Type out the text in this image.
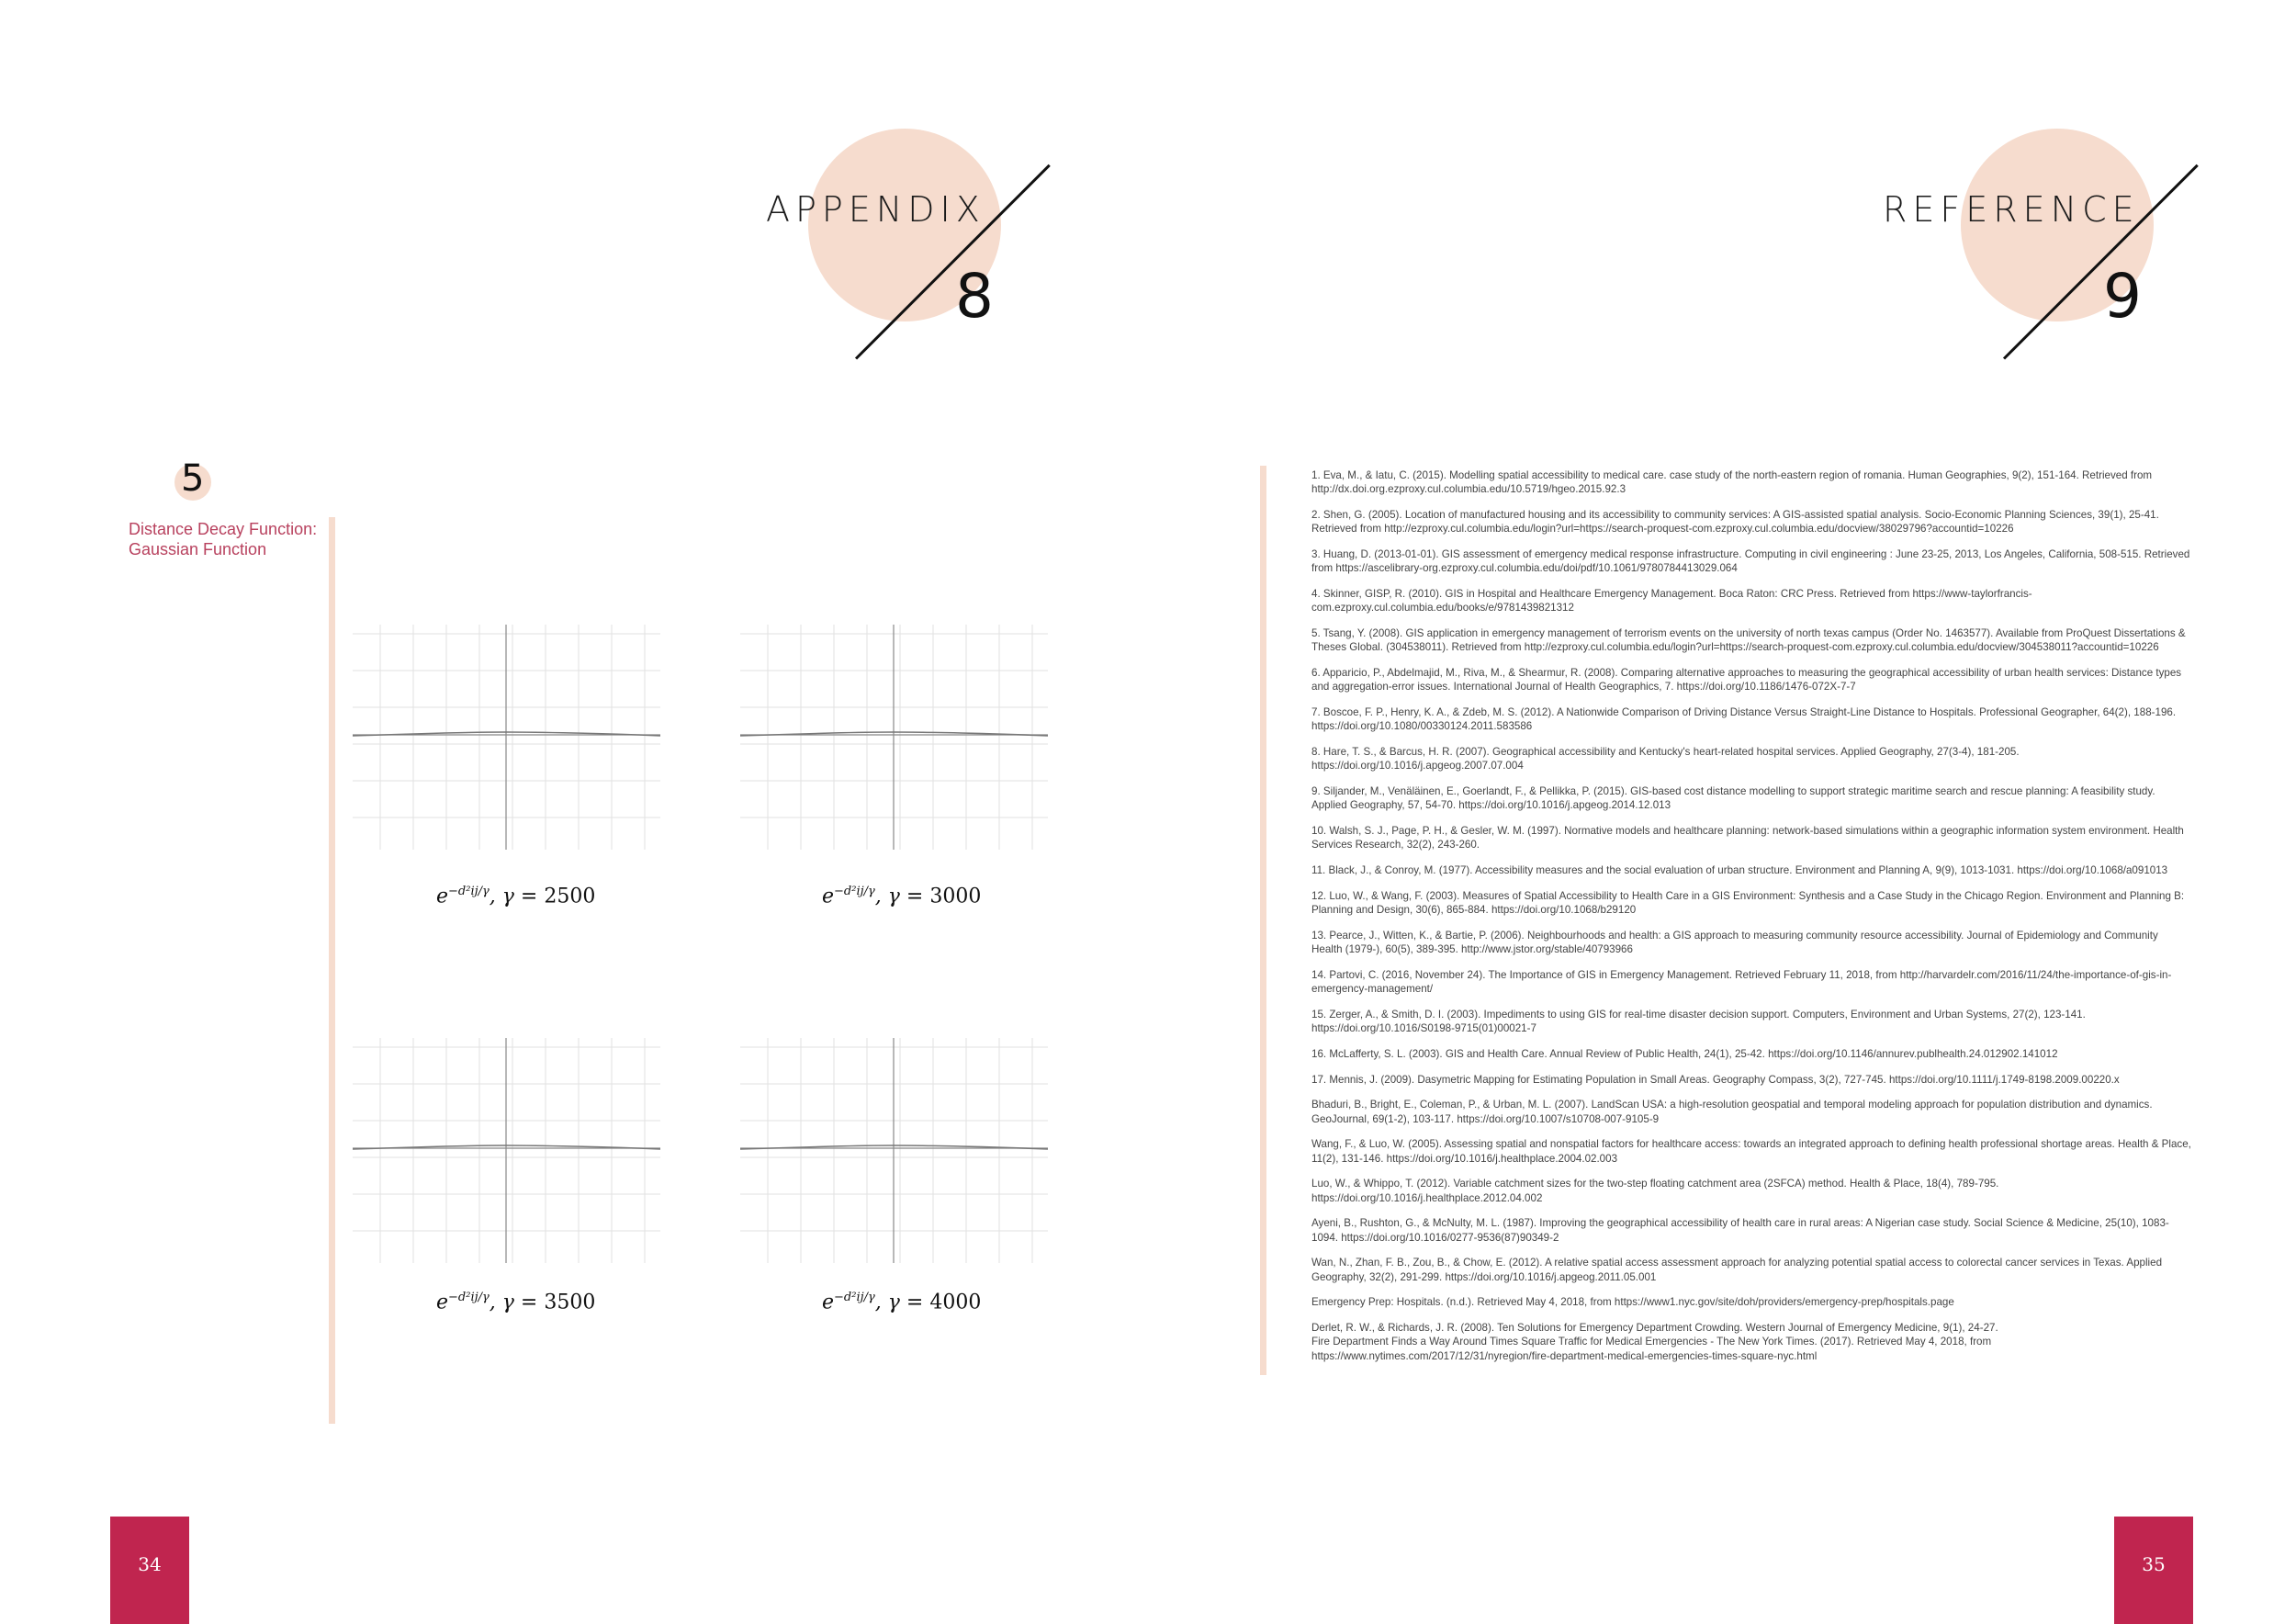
APPENDIX
8
5
Distance Decay Function:
Gaussian Function
$e^{-d^2ij/\gamma}$, γ = 2500	$e^{-d^2ij/\gamma}$, γ = 3000
$e^{-d^2ij/\gamma}$, γ = 3500	$e^{-d^2ij/\gamma}$, γ = 4000
34
REFERENCE
9

1. Eva, M., & Iatu, C. (2015). Modelling spatial accessibility to medical care. case study of the north-eastern region of romania. Human Geographies, 9(2), 151-164. Retrieved from http://dx.doi.org.ezproxy.cul.columbia.edu/10.5719/hgeo.2015.92.3

2. Shen, G. (2005). Location of manufactured housing and its accessibility to community services: A GIS-assisted spatial analysis. Socio-Economic Planning Sciences, 39(1), 25-41. Retrieved from http://ezproxy.cul.columbia.edu/login?url=https://search-proquest-com.ezproxy.cul.columbia.edu/docview/38029796?accountid=10226

3. Huang, D. (2013-01-01). GIS assessment of emergency medical response infrastructure. Computing in civil engineering : June 23-25, 2013, Los Angeles, California, 508-515. Retrieved from https://ascelibrary-org.ezproxy.cul.columbia.edu/doi/pdf/10.1061/9780784413029.064

4. Skinner, GISP, R. (2010). GIS in Hospital and Healthcare Emergency Management. Boca Raton: CRC Press. Retrieved from https://www-taylorfrancis-com.ezproxy.cul.columbia.edu/books/e/9781439821312

5. Tsang, Y. (2008). GIS application in emergency management of terrorism events on the university of north texas campus (Order No. 1463577). Available from ProQuest Dissertations & Theses Global. (304538011). Retrieved from http://ezproxy.cul.columbia.edu/login?url=https://search-proquest-com.ezproxy.cul.columbia.edu/docview/304538011?accountid=10226

6. Apparicio, P., Abdelmajid, M., Riva, M., & Shearmur, R. (2008). Comparing alternative approaches to measuring the geographical accessibility of urban health services: Distance types and aggregation-error issues. International Journal of Health Geographics, 7. https://doi.org/10.1186/1476-072X-7-7

7. Boscoe, F. P., Henry, K. A., & Zdeb, M. S. (2012). A Nationwide Comparison of Driving Distance Versus Straight-Line Distance to Hospitals. Professional Geographer, 64(2), 188-196. https://doi.org/10.1080/00330124.2011.583586

8. Hare, T. S., & Barcus, H. R. (2007). Geographical accessibility and Kentucky's heart-related hospital services. Applied Geography, 27(3-4), 181-205. https://doi.org/10.1016/j.apgeog.2007.07.004

9. Siljander, M., Venäläinen, E., Goerlandt, F., & Pellikka, P. (2015). GIS-based cost distance modelling to support strategic maritime search and rescue planning: A feasibility study. Applied Geography, 57, 54-70. https://doi.org/10.1016/j.apgeog.2014.12.013

10. Walsh, S. J., Page, P. H., & Gesler, W. M. (1997). Normative models and healthcare planning: network-based simulations within a geographic information system environment. Health Services Research, 32(2), 243-260.

11. Black, J., & Conroy, M. (1977). Accessibility measures and the social evaluation of urban structure. Environment and Planning A, 9(9), 1013-1031. https://doi.org/10.1068/a091013

12. Luo, W., & Wang, F. (2003). Measures of Spatial Accessibility to Health Care in a GIS Environment: Synthesis and a Case Study in the Chicago Region. Environment and Planning B: Planning and Design, 30(6), 865-884. https://doi.org/10.1068/b29120

13. Pearce, J., Witten, K., & Bartie, P. (2006). Neighbourhoods and health: a GIS approach to measuring community resource accessibility. Journal of Epidemiology and Community Health (1979-), 60(5), 389-395. http://www.jstor.org/stable/40793966

14. Partovi, C. (2016, November 24). The Importance of GIS in Emergency Management. Retrieved February 11, 2018, from http://harvardelr.com/2016/11/24/the-importance-of-gis-in-emergency-management/

15. Zerger, A., & Smith, D. I. (2003). Impediments to using GIS for real-time disaster decision support. Computers, Environment and Urban Systems, 27(2), 123-141. https://doi.org/10.1016/S0198-9715(01)00021-7

16. McLafferty, S. L. (2003). GIS and Health Care. Annual Review of Public Health, 24(1), 25-42. https://doi.org/10.1146/annurev.publhealth.24.012902.141012

17. Mennis, J. (2009). Dasymetric Mapping for Estimating Population in Small Areas. Geography Compass, 3(2), 727-745. https://doi.org/10.1111/j.1749-8198.2009.00220.x

Bhaduri, B., Bright, E., Coleman, P., & Urban, M. L. (2007). LandScan USA: a high-resolution geospatial and temporal modeling approach for population distribution and dynamics. GeoJournal, 69(1-2), 103-117. https://doi.org/10.1007/s10708-007-9105-9

Wang, F., & Luo, W. (2005). Assessing spatial and nonspatial factors for healthcare access: towards an integrated approach to defining health professional shortage areas. Health & Place, 11(2), 131-146. https://doi.org/10.1016/j.healthplace.2004.02.003

Luo, W., & Whippo, T. (2012). Variable catchment sizes for the two-step floating catchment area (2SFCA) method. Health & Place, 18(4), 789-795. https://doi.org/10.1016/j.healthplace.2012.04.002

Ayeni, B., Rushton, G., & McNulty, M. L. (1987). Improving the geographical accessibility of health care in rural areas: A Nigerian case study. Social Science & Medicine, 25(10), 1083-1094. https://doi.org/10.1016/0277-9536(87)90349-2

Wan, N., Zhan, F. B., Zou, B., & Chow, E. (2012). A relative spatial access assessment approach for analyzing potential spatial access to colorectal cancer services in Texas. Applied Geography, 32(2), 291-299. https://doi.org/10.1016/j.apgeog.2011.05.001

Emergency Prep: Hospitals. (n.d.). Retrieved May 4, 2018, from https://www1.nyc.gov/site/doh/providers/emergency-prep/hospitals.page

Derlet, R. W., & Richards, J. R. (2008). Ten Solutions for Emergency Department Crowding. Western Journal of Emergency Medicine, 9(1), 24-27.
Fire Department Finds a Way Around Times Square Traffic for Medical Emergencies - The New York Times. (2017). Retrieved May 4, 2018, from https://www.nytimes.com/2017/12/31/nyregion/fire-department-medical-emergencies-times-square-nyc.html

35
